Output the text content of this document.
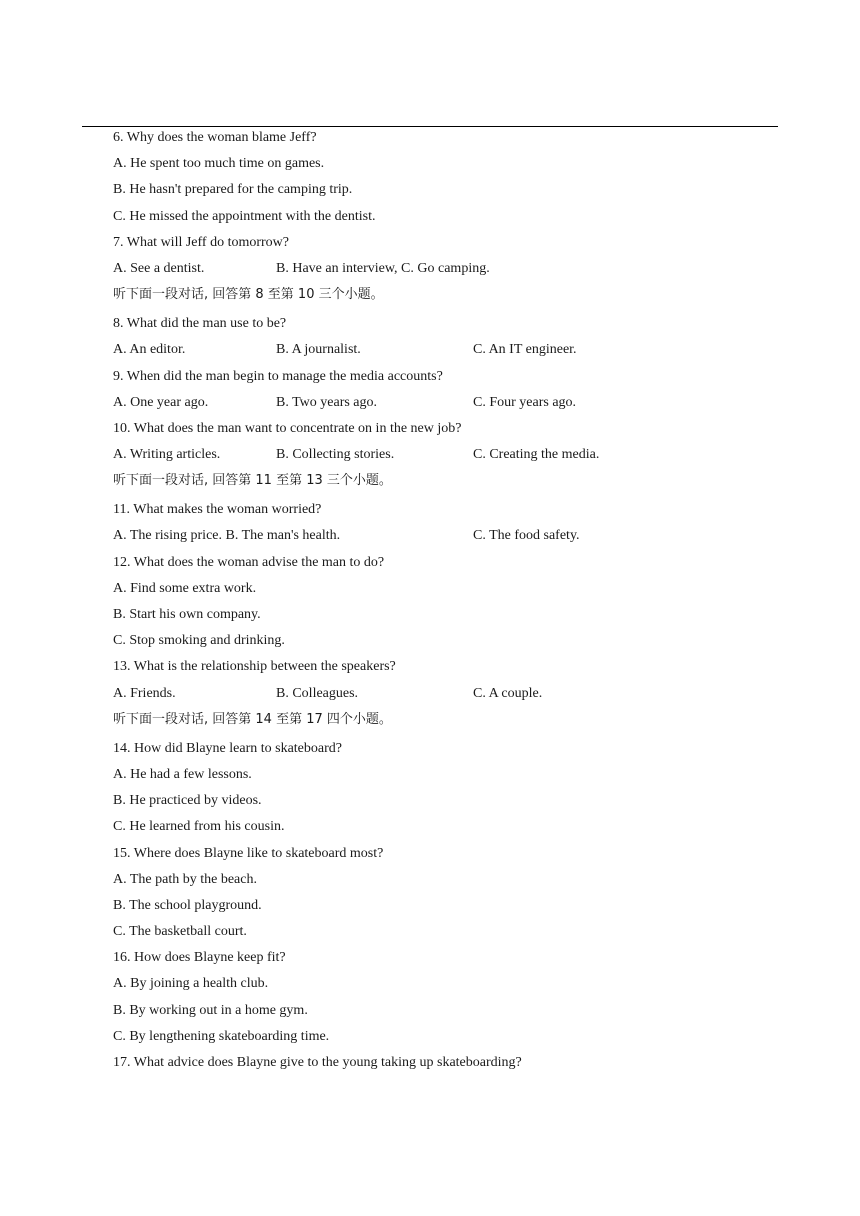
6. Why does the woman blame Jeff?
A. He spent too much time on games.
B. He hasn't prepared for the camping trip.
C. He missed the appointment with the dentist.
7. What will Jeff do tomorrow?
A. See a dentist.	B. Have an interview, C. Go camping.
听下面一段对话, 回答第 8 至第 10 三个小题。
8. What did the man use to be?
A. An editor.	B. A journalist.	C. An IT engineer.
9. When did the man begin to manage the media accounts?
A. One year ago.	B. Two years ago.	C. Four years ago.
10. What does the man want to concentrate on in the new job?
A. Writing articles.	B. Collecting stories.	C. Creating the media.
听下面一段对话, 回答第 11 至第 13 三个小题。
11. What makes the woman worried?
A. The rising price. B. The man's health.	C. The food safety.
12. What does the woman advise the man to do?
A. Find some extra work.
B. Start his own company.
C. Stop smoking and drinking.
13. What is the relationship between the speakers?
A. Friends.	B. Colleagues.	C. A couple.
听下面一段对话, 回答第 14 至第 17 四个小题。
14. How did Blayne learn to skateboard?
A. He had a few lessons.
B. He practiced by videos.
C. He learned from his cousin.
15. Where does Blayne like to skateboard most?
A. The path by the beach.
B. The school playground.
C. The basketball court.
16. How does Blayne keep fit?
A. By joining a health club.
B. By working out in a home gym.
C. By lengthening skateboarding time.
17. What advice does Blayne give to the young taking up skateboarding?
